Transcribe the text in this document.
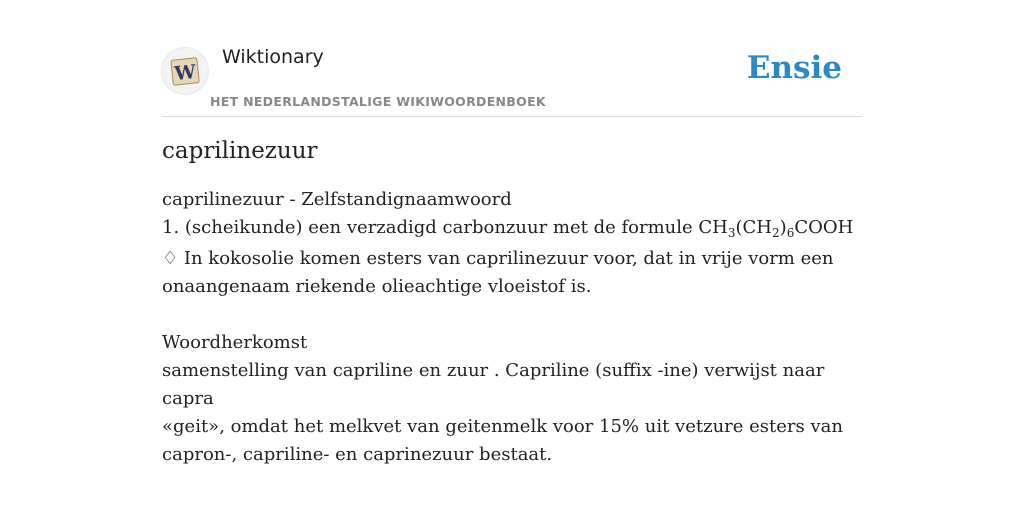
W
Wiktionary
HET NEDERLANDSTALIGE WIKIWOORDENBOEK
Ensie
caprilinezuur

caprilinezuur - Zelfstandignaamwoord

1. (scheikunde) een verzadigd carbonzuur met de formule $CH_3(CH_2)_6COOH$

♢ In kokosolie komen esters van caprilinezuur voor, dat in vrije vorm een

onaangenaam riekende olieachtige vloeistof is.

Woordherkomst

samenstelling van capriline en zuur . Capriline (suffix -ine) verwijst naar capra

«geit», omdat het melkvet van geitenmelk voor 15% uit vetzure esters van

capron-, capriline- en caprinezuur bestaat.
